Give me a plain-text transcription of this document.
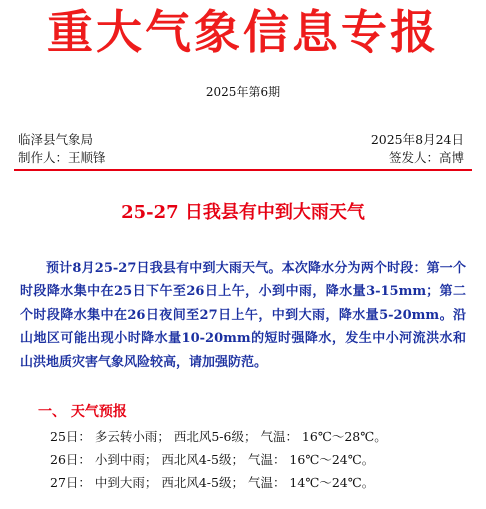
重大气象信息专报
2025年第6期
临泽县气象局	2025年8月24日
制作人：王顺锋	签发人：高博
25-27 日我县有中到大雨天气

预计8月25-27日我县有中到大雨天气。本次降水分为两个时段：第一个时段降水集中在25日下午至26日上午，小到中雨，降水量3-15mm；第二个时段降水集中在26日夜间至27日上午，中到大雨，降水量5-20mm。沿山地区可能出现小时降水量10-20mm的短时强降水，发生中小河流洪水和山洪地质灾害气象风险较高，请加强防范。

一、 天气预报
25日： 多云转小雨； 西北风5-6级； 气温： 16℃～28℃。
26日： 小到中雨； 西北风4-5级； 气温： 16℃～24℃。
27日： 中到大雨； 西北风4-5级； 气温： 14℃～24℃。
